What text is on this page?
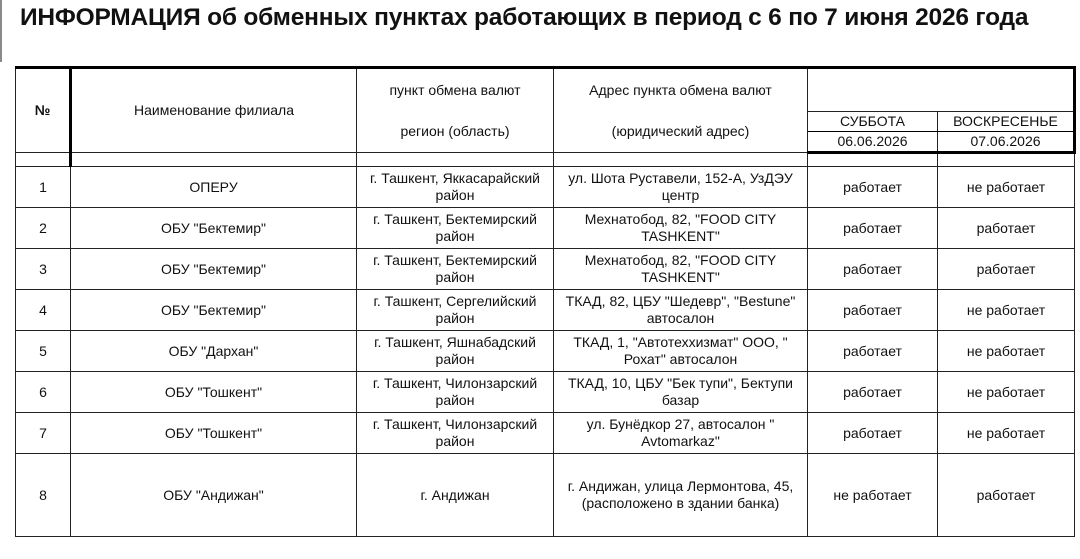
ИНФОРМАЦИЯ об обменных пунктах работающих в период с 6 по 7 июня 2026 года
№	Наименование филиала	пункт обмена валют	Адрес пункта обмена валют		
		регион (область)	(юридический адрес)	СУББОТА	ВОСКРЕСЕНЬЕ
				06.06.2026	07.06.2026

1	ОПЕРУ	г. Ташкент, Яккасарайский район	ул. Шота Руставели, 152-А, УзДЭУ центр	работает	не работает
2	ОБУ "Бектемир"	г. Ташкент, Бектемирский район	Мехнатобод, 82, "FOOD CITY TASHKENT"	работает	работает
3	ОБУ "Бектемир"	г. Ташкент, Бектемирский район	Мехнатобод, 82, "FOOD CITY TASHKENT"	работает	работает
4	ОБУ "Бектемир"	г. Ташкент, Сергелийский район	ТКАД, 82, ЦБУ "Шедевр", "Bestune" автосалон	работает	не работает
5	ОБУ "Дархан"	г. Ташкент, Яшнабадский район	ТКАД, 1, "Автотеххизмат" ООО, " Рохат" автосалон	работает	не работает
6	ОБУ "Тошкент"	г. Ташкент, Чилонзарский район	ТКАД, 10, ЦБУ "Бек тупи", Бектупи базар	работает	не работает
7	ОБУ "Тошкент"	г. Ташкент, Чилонзарский район	ул. Бунёдкор 27, автосалон " Avtomarkaz"	работает	не работает
8	ОБУ "Андижан"	г. Андижан	г. Андижан, улица Лермонтова, 45, (расположено в здании банка)	не работает	работает
